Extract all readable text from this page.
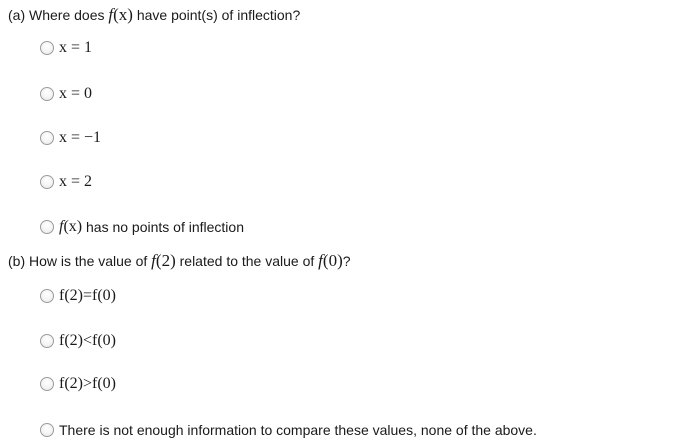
(a) Where does f(x) have point(s) of inflection?
x = 1
x = 0
x = −1
x = 2
f(x) has no points of inflection
(b) How is the value of f(2) related to the value of f(0)?
f(2)=f(0)
f(2)<f(0)
f(2)>f(0)
There is not enough information to compare these values, none of the above.
